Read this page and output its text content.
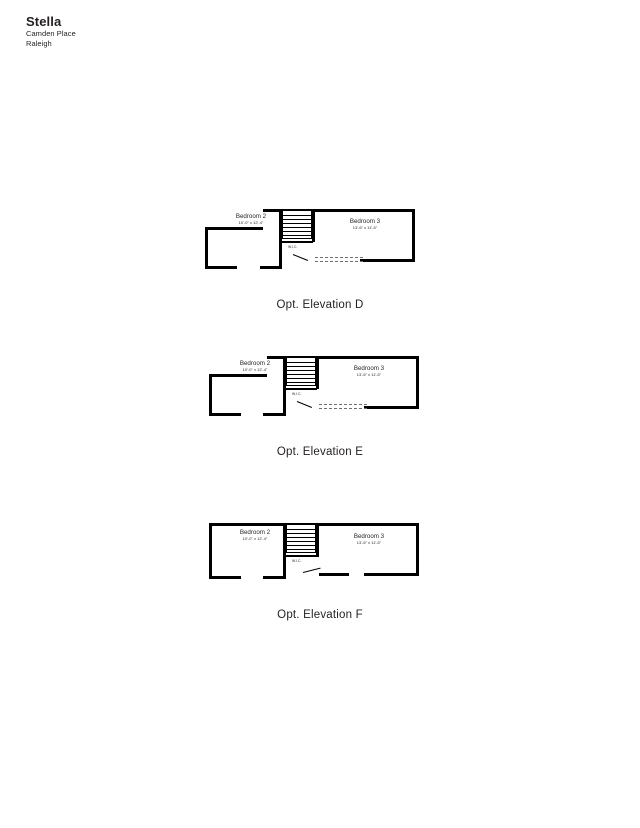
Stella
Camden Place
Raleigh
W.I.C.
Bedroom 2
10'-0" x 12'-4"	Bedroom 3
13'-6" x 11'-5"
Opt. Elevation D
W.I.C.
Bedroom 2
10'-0" x 12'-4"	Bedroom 3
13'-6" x 11'-5"
Opt. Elevation E
W.I.C.
Bedroom 2
10'-0" x 12'-4"	Bedroom 3
13'-6" x 11'-5"
Opt. Elevation F
